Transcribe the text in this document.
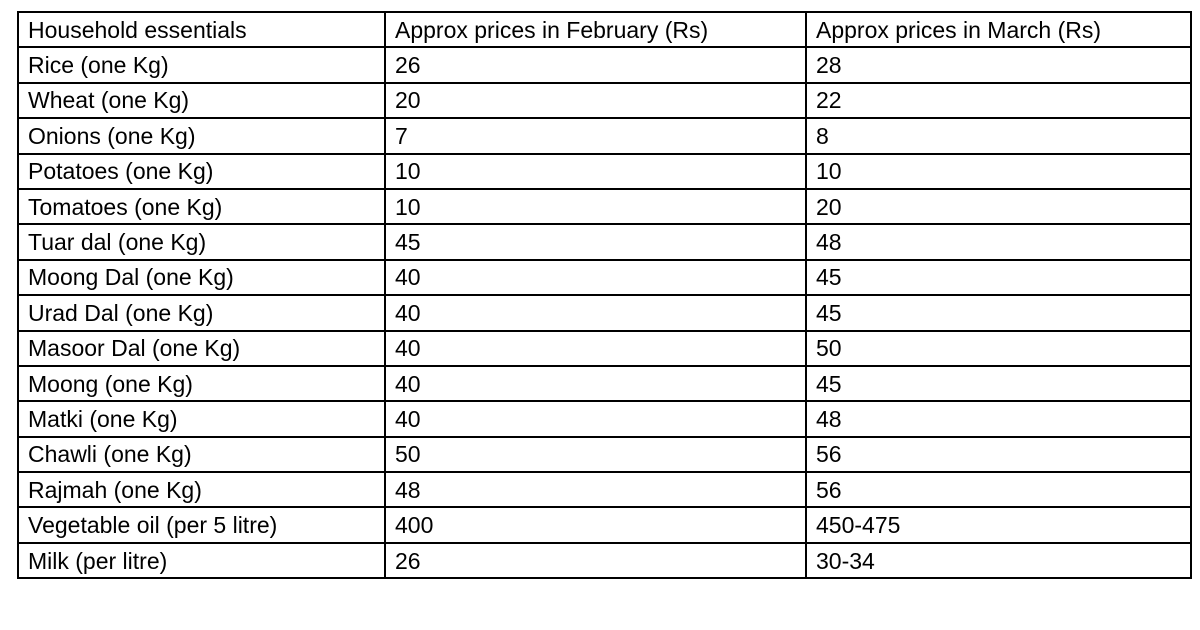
Household essentials	Approx prices in February (Rs)	Approx prices in March (Rs)
Rice (one Kg)	26	28
Wheat (one Kg)	20	22
Onions (one Kg)	7	8
Potatoes (one Kg)	10	10
Tomatoes (one Kg)	10	20
Tuar dal (one Kg)	45	48
Moong Dal (one Kg)	40	45
Urad Dal (one Kg)	40	45
Masoor Dal (one Kg)	40	50
Moong (one Kg)	40	45
Matki (one Kg)	40	48
Chawli (one Kg)	50	56
Rajmah (one Kg)	48	56
Vegetable oil (per 5 litre)	400	450-475
Milk (per litre)	26	30-34
